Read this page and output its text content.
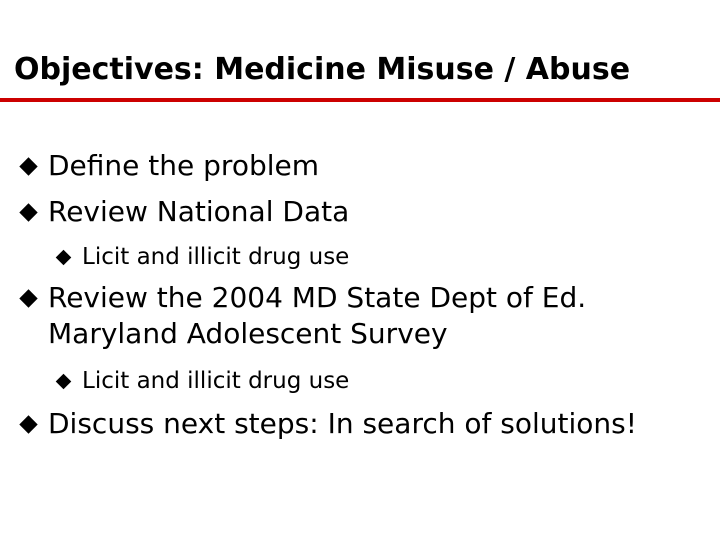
Objectives: Medicine Misuse / Abuse
Define the problem
Review National Data
Licit and illicit drug use
Review the 2004 MD State Dept of Ed.
Maryland Adolescent Survey
Licit and illicit drug use
Discuss next steps: In search of solutions!
